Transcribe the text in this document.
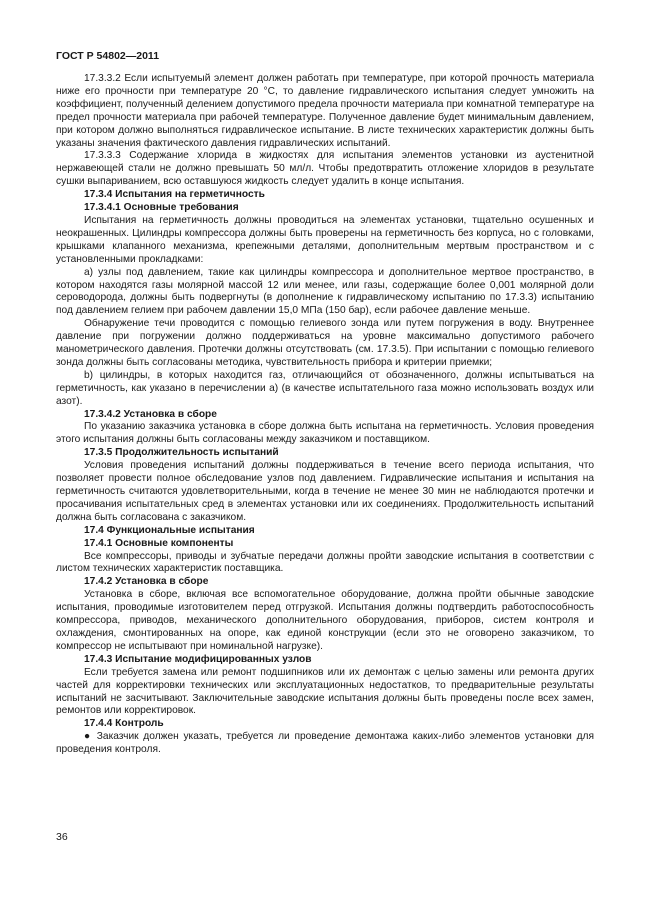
ГОСТ Р 54802—2011

17.3.3.2 Если испытуемый элемент должен работать при температуре, при которой прочность материала ниже его прочности при температуре 20 °С, то давление гидравлического испытания следует умножить на коэффициент, полученный делением допустимого предела прочности материала при комнатной температуре на предел прочности материала при рабочей температуре. Полученное давление будет минимальным давлением, при котором должно выполняться гидравлическое испытание. В листе технических характеристик должны быть указаны значения фактического давления гидравлических испытаний.

17.3.3.3 Содержание хлорида в жидкостях для испытания элементов установки из аустенитной нержавеющей стали не должно превышать 50 мл/л. Чтобы предотвратить отложение хлоридов в результате сушки выпариванием, всю оставшуюся жидкость следует удалить в конце испытания.

17.3.4 Испытания на герметичность

17.3.4.1 Основные требования

Испытания на герметичность должны проводиться на элементах установки, тщательно осушенных и неокрашенных. Цилиндры компрессора должны быть проверены на герметичность без корпуса, но с головками, крышками клапанного механизма, крепежными деталями, дополнительным мертвым пространством и с установленными прокладками:

a) узлы под давлением, такие как цилиндры компрессора и дополнительное мертвое пространство, в котором находятся газы молярной массой 12 или менее, или газы, содержащие более 0,001 молярной доли сероводорода, должны быть подвергнуты (в дополнение к гидравлическому испытанию по 17.3.3) испытанию под давлением гелием при рабочем давлении 15,0 МПа (150 бар), если рабочее давление меньше.

Обнаружение течи проводится с помощью гелиевого зонда или путем погружения в воду. Внутреннее давление при погружении должно поддерживаться на уровне максимально допустимого рабочего манометрического давления. Протечки должны отсутствовать (см. 17.3.5). При испытании с помощью гелиевого зонда должны быть согласованы методика, чувствительность прибора и критерии приемки;

b) цилиндры, в которых находится газ, отличающийся от обозначенного, должны испытываться на герметичность, как указано в перечислении а) (в качестве испытательного газа можно использовать воздух или азот).

17.3.4.2 Установка в сборе

По указанию заказчика установка в сборе должна быть испытана на герметичность. Условия проведения этого испытания должны быть согласованы между заказчиком и поставщиком.

17.3.5 Продолжительность испытаний

Условия проведения испытаний должны поддерживаться в течение всего периода испытания, что позволяет провести полное обследование узлов под давлением. Гидравлические испытания и испытания на герметичность считаются удовлетворительными, когда в течение не менее 30 мин не наблюдаются протечки и просачивания испытательных сред в элементах установки или их соединениях. Продолжительность испытаний должна быть согласована с заказчиком.

17.4 Функциональные испытания

17.4.1 Основные компоненты

Все компрессоры, приводы и зубчатые передачи должны пройти заводские испытания в соответствии с листом технических характеристик поставщика.

17.4.2 Установка в сборе

Установка в сборе, включая все вспомогательное оборудование, должна пройти обычные заводские испытания, проводимые изготовителем перед отгрузкой. Испытания должны подтвердить работоспособность компрессора, приводов, механического дополнительного оборудования, приборов, систем контроля и охлаждения, смонтированных на опоре, как единой конструкции (если это не оговорено заказчиком, то компрессор не испытывают при номинальной нагрузке).

17.4.3 Испытание модифицированных узлов

Если требуется замена или ремонт подшипников или их демонтаж с целью замены или ремонта других частей для корректировки технических или эксплуатационных недостатков, то предварительные результаты испытаний не засчитывают. Заключительные заводские испытания должны быть проведены после всех замен, ремонтов или корректировок.

17.4.4 Контроль

● Заказчик должен указать, требуется ли проведение демонтажа каких-либо элементов установки для проведения контроля.

36
